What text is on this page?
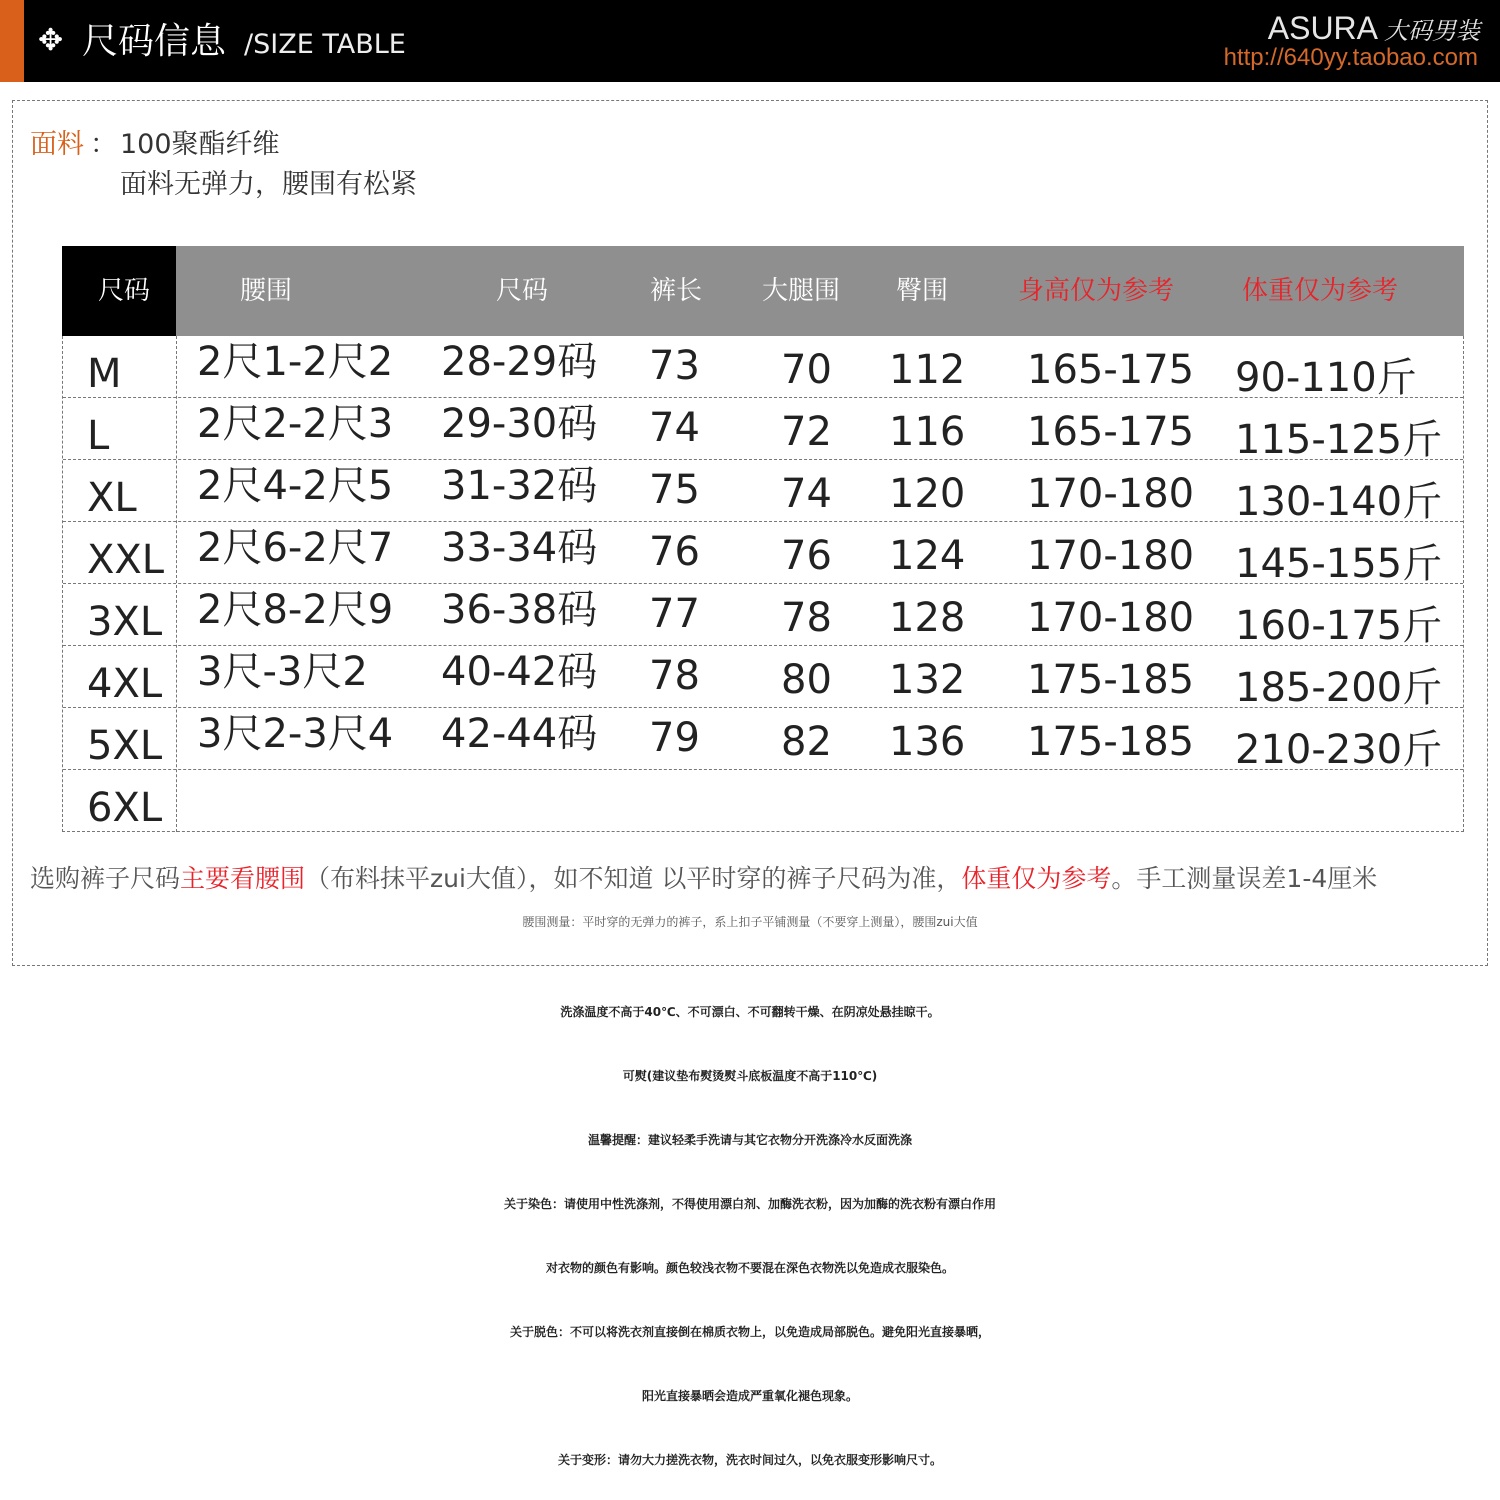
✥ 尺码信息 /SIZE TABLE	ASURA 大码男装
http://640yy.taobao.com
面料 ： 100聚酯纤维
面料无弹力，腰围有松紧
尺码	腰围	尺码	裤长 大腿围 臀围	身高仅为参考	体重仅为参考
M 2尺1-2尺2 28-29码 73 70 112 165-175 90-110斤
L 2尺2-2尺3 29-30码 74 72 116 165-175 115-125斤
XL 2尺4-2尺5 31-32码 75 74 120 170-180 130-140斤
XXL 2尺6-2尺7 33-34码 76 76 124 170-180 145-155斤
3XL 2尺8-2尺9 36-38码 77 78 128 170-180 160-175斤
4XL 3尺-3尺2 40-42码 78 80 132 175-185 185-200斤
5XL 3尺2-3尺4 42-44码 79 82 136 175-185 210-230斤
6XL
选购裤子尺码主要看腰围（布料抹平zui大值），如不知道 以平时穿的裤子尺码为准，体重仅为参考。手工测量误差1-4厘米
腰围测量：平时穿的无弹力的裤子，系上扣子平铺测量（不要穿上测量），腰围zui大值
洗涤温度不高于40℃、不可漂白、不可翻转干燥、在阴凉处悬挂晾干。
可熨(建议垫布熨烫熨斗底板温度不高于110℃)
温馨提醒：建议轻柔手洗请与其它衣物分开洗涤冷水反面洗涤
关于染色：请使用中性洗涤剂，不得使用漂白剂、加酶洗衣粉，因为加酶的洗衣粉有漂白作用
对衣物的颜色有影响。颜色较浅衣物不要混在深色衣物洗以免造成衣服染色。
关于脱色：不可以将洗衣剂直接倒在棉质衣物上，以免造成局部脱色。避免阳光直接暴晒，
阳光直接暴晒会造成严重氧化褪色现象。
关于变形：请勿大力搓洗衣物，洗衣时间过久，以免衣服变形影响尺寸。
